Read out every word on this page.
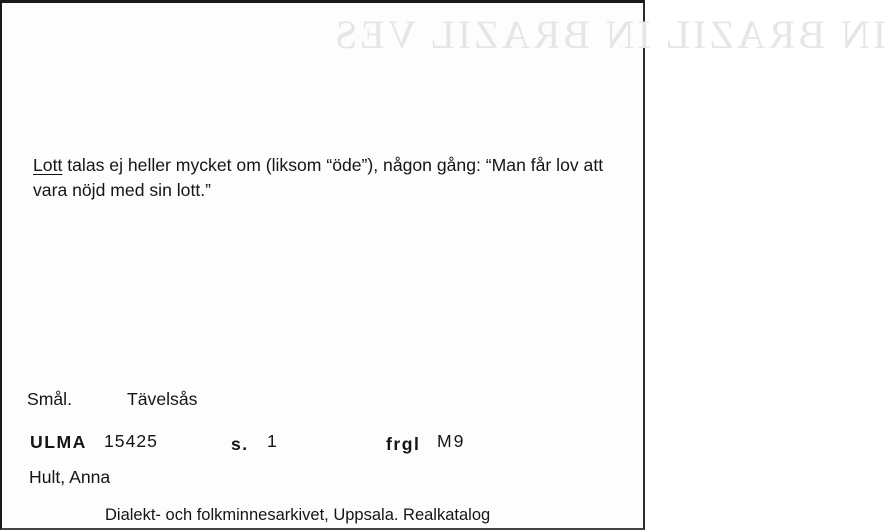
IN BRAZIL IN BRAZIL VES
Lott talas ej heller mycket om (liksom “öde”), någon gång: “Man får lov att vara nöjd med sin lott.”
Smål.	Tävelsås
ULMA 15425	s. 1	frgl M9
Hult, Anna
Dialekt- och folkminnesarkivet, Uppsala. Realkatalog
